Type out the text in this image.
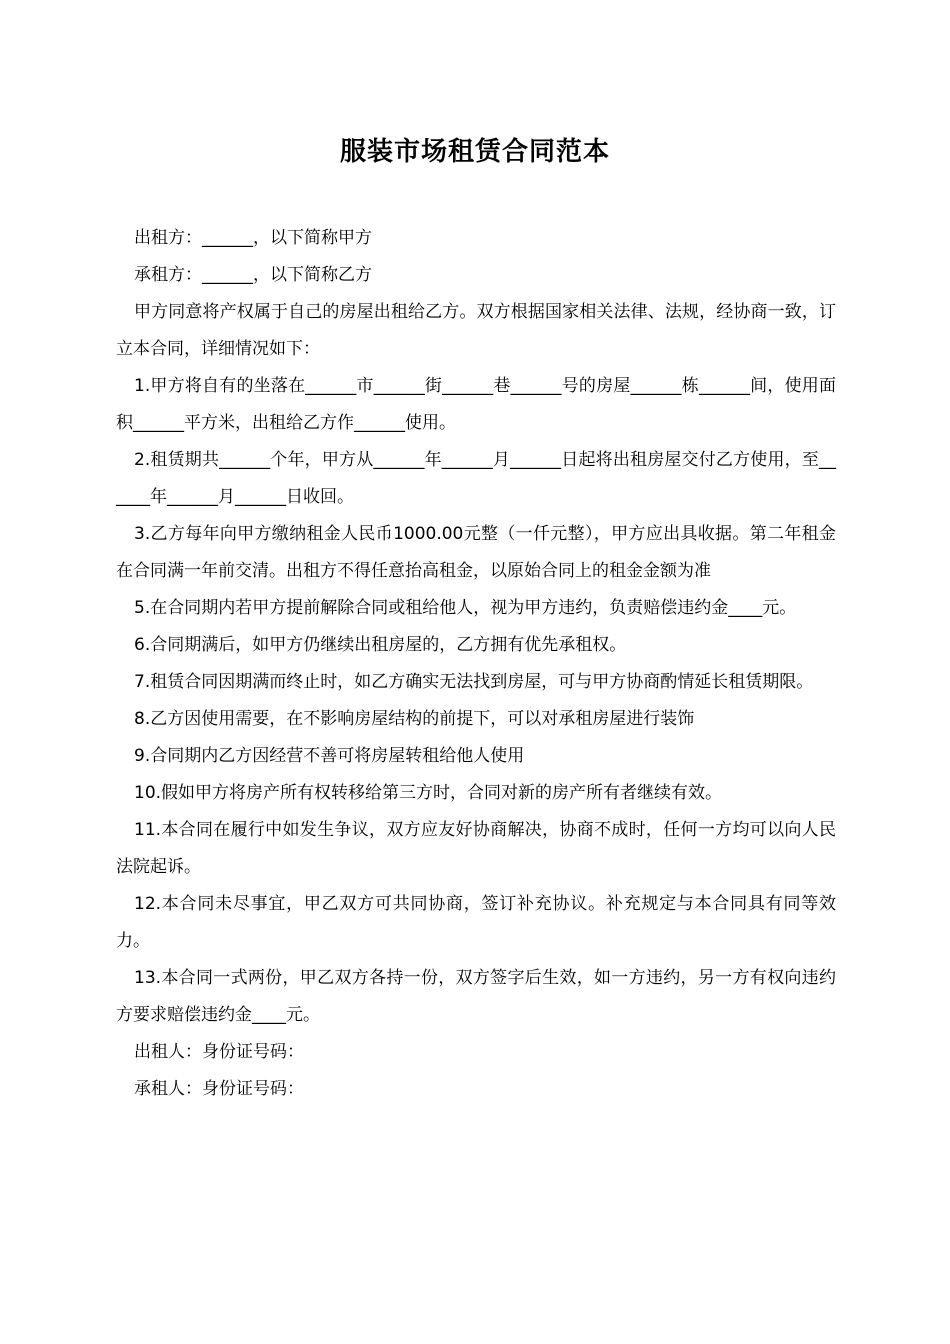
服装市场租赁合同范本

出租方：______，以下简称甲方

承租方：______，以下简称乙方

甲方同意将产权属于自己的房屋出租给乙方。双方根据国家相关法律、法规，经协商一致，订立本合同，详细情况如下：

1.甲方将自有的坐落在______市______街______巷______号的房屋______栋______间，使用面积______平方米，出租给乙方作______使用。

2.租赁期共______个年，甲方从______年______月______日起将出租房屋交付乙方使用，至______年______月______日收回。

3.乙方每年向甲方缴纳租金人民币1000.00元整（一仟元整），甲方应出具收据。第二年租金在合同满一年前交清。出租方不得任意抬高租金，以原始合同上的租金金额为准

5.在合同期内若甲方提前解除合同或租给他人，视为甲方违约，负责赔偿违约金____元。

6.合同期满后，如甲方仍继续出租房屋的，乙方拥有优先承租权。

7.租赁合同因期满而终止时，如乙方确实无法找到房屋，可与甲方协商酌情延长租赁期限。

8.乙方因使用需要，在不影响房屋结构的前提下，可以对承租房屋进行装饰

9.合同期内乙方因经营不善可将房屋转租给他人使用

10.假如甲方将房产所有权转移给第三方时，合同对新的房产所有者继续有效。

11.本合同在履行中如发生争议，双方应友好协商解决，协商不成时，任何一方均可以向人民法院起诉。

12.本合同未尽事宜，甲乙双方可共同协商，签订补充协议。补充规定与本合同具有同等效力。

13.本合同一式两份，甲乙双方各持一份，双方签字后生效，如一方违约，另一方有权向违约方要求赔偿违约金____元。

出租人：身份证号码：

承租人：身份证号码：
